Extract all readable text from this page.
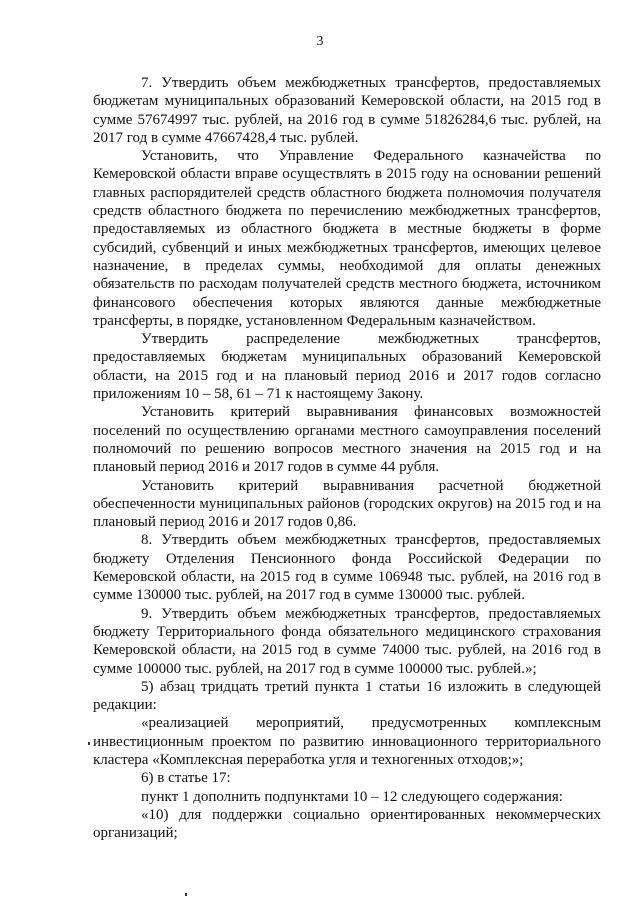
3

7. Утвердить объем межбюджетных трансфертов, предоставляемых бюджетам муниципальных образований Кемеровской области, на 2015 год в сумме 57674997 тыс. рублей, на 2016 год в сумме 51826284,6 тыс. рублей, на 2017 год в сумме 47667428,4 тыс. рублей.

Установить, что Управление Федерального казначейства по Кемеровской области вправе осуществлять в 2015 году на основании решений главных распорядителей средств областного бюджета полномочия получателя средств областного бюджета по перечислению межбюджетных трансфертов, предоставляемых из областного бюджета в местные бюджеты в форме субсидий, субвенций и иных межбюджетных трансфертов, имеющих целевое назначение, в пределах суммы, необходимой для оплаты денежных обязательств по расходам получателей средств местного бюджета, источником финансового обеспечения которых являются данные межбюджетные трансферты, в порядке, установленном Федеральным казначейством.

Утвердить распределение межбюджетных трансфертов, предоставляемых бюджетам муниципальных образований Кемеровской области, на 2015 год и на плановый период 2016 и 2017 годов согласно приложениям 10 – 58, 61 – 71 к настоящему Закону.

Установить критерий выравнивания финансовых возможностей поселений по осуществлению органами местного самоуправления поселений полномочий по решению вопросов местного значения на 2015 год и на плановый период 2016 и 2017 годов в сумме 44 рубля.

Установить критерий выравнивания расчетной бюджетной обеспеченности муниципальных районов (городских округов) на 2015 год и на плановый период 2016 и 2017 годов 0,86.

8. Утвердить объем межбюджетных трансфертов, предоставляемых бюджету Отделения Пенсионного фонда Российской Федерации по Кемеровской области, на 2015 год в сумме 106948 тыс. рублей, на 2016 год в сумме 130000 тыс. рублей, на 2017 год в сумме 130000 тыс. рублей.

9. Утвердить объем межбюджетных трансфертов, предоставляемых бюджету Территориального фонда обязательного медицинского страхования Кемеровской области, на 2015 год в сумме 74000 тыс. рублей, на 2016 год в сумме 100000 тыс. рублей, на 2017 год в сумме 100000 тыс. рублей.»;

5) абзац тридцать третий пункта 1 статьи 16 изложить в следующей редакции:

«реализацией мероприятий, предусмотренных комплексным инвестиционным проектом по развитию инновационного территориального кластера «Комплексная переработка угля и техногенных отходов;»;

6) в статье 17:

пункт 1 дополнить подпунктами 10 – 12 следующего содержания:

«10) для поддержки социально ориентированных некоммерческих организаций;
